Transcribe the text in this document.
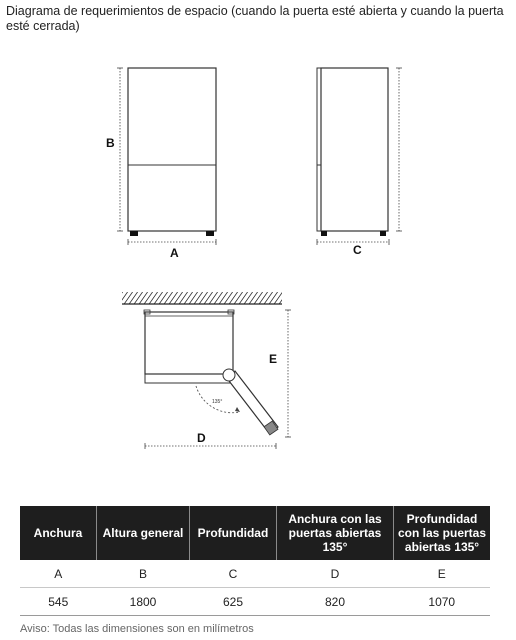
Diagrama de requerimientos de espacio (cuando la puerta esté abierta y cuando la puerta esté cerrada)
B
A	C
135°
E
D
Anchura	Altura general	Profundidad	Anchura con las puertas abiertas 135°	Profundidad con las puertas abiertas 135°
A	B	C	D	E
545	1800	625	820	1070
Aviso: Todas las dimensiones son en milímetros
